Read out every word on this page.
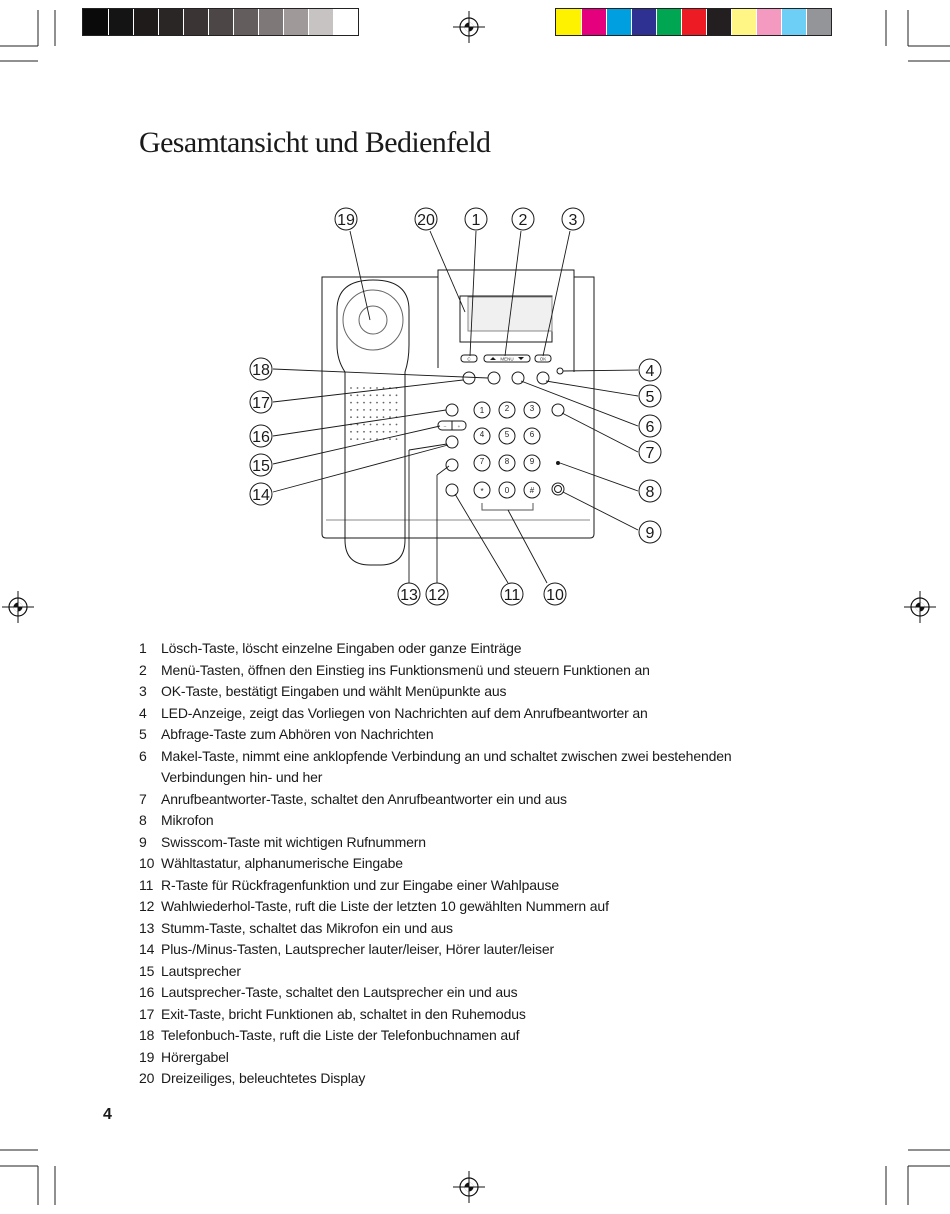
Gesamtansicht und Bedienfeld
1	2	3
4	5	6
7	8	9
*	0	#
MENU	OK
C
+
–
19	20 1 2	3
4
5
6
7
8
9
10
11
12
13
14
15
16
17
18
1	Lösch-Taste, löscht einzelne Eingaben oder ganze Einträge
2	Menü-Tasten, öffnen den Einstieg ins Funktionsmenü und steuern Funktionen an
3	OK-Taste, bestätigt Eingaben und wählt Menüpunkte aus
4	LED-Anzeige, zeigt das Vorliegen von Nachrichten auf dem Anrufbeantworter an
5	Abfrage-Taste zum Abhören von Nachrichten
6	Makel-Taste, nimmt eine anklopfende Verbindung an und schaltet zwischen zwei bestehenden Verbindungen hin- und her
7	Anrufbeantworter-Taste, schaltet den Anrufbeantworter ein und aus
8	Mikrofon
9	Swisscom-Taste mit wichtigen Rufnummern
10 Wähltastatur, alphanumerische Eingabe
11 R-Taste für Rückfragenfunktion und zur Eingabe einer Wahlpause
12 Wahlwiederhol-Taste, ruft die Liste der letzten 10 gewählten Nummern auf
13 Stumm-Taste, schaltet das Mikrofon ein und aus
14 Plus-/Minus-Tasten, Lautsprecher lauter/leiser, Hörer lauter/leiser
15 Lautsprecher
16 Lautsprecher-Taste, schaltet den Lautsprecher ein und aus
17 Exit-Taste, bricht Funktionen ab, schaltet in den Ruhemodus
18 Telefonbuch-Taste, ruft die Liste der Telefonbuchnamen auf
19 Hörergabel
20 Dreizeiliges, beleuchtetes Display
4
